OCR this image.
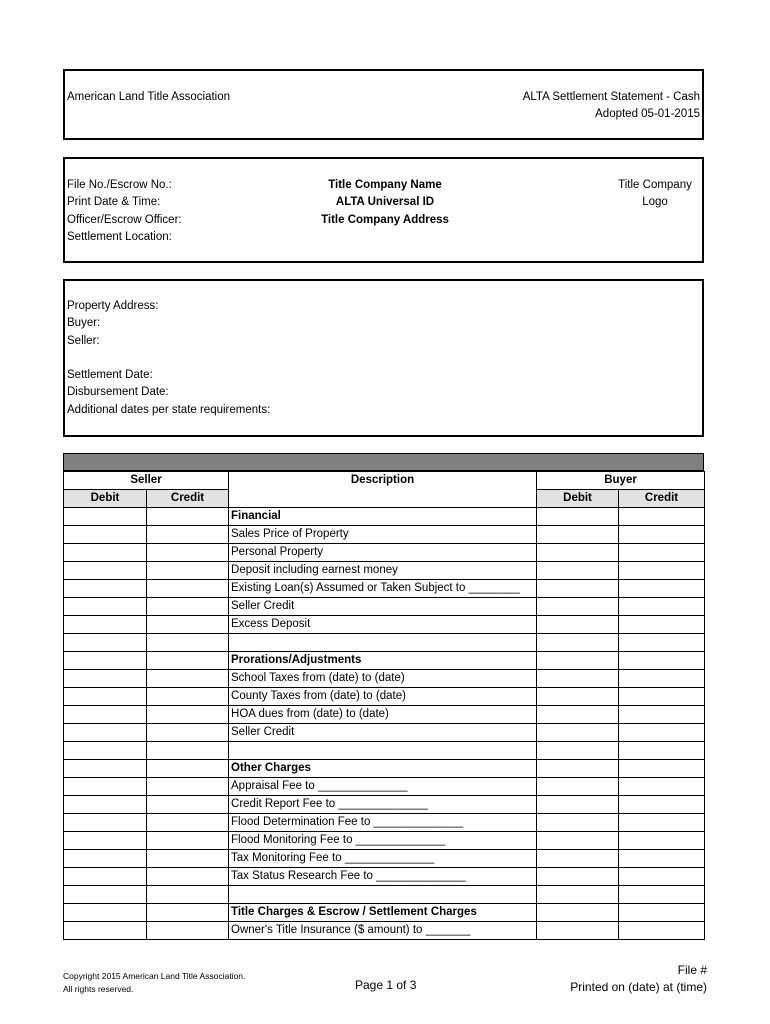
American Land Title Association	ALTA Settlement Statement - Cash
Adopted 05-01-2015
File No./Escrow No.:
Print Date & Time:
Officer/Escrow Officer:
Settlement Location:
Title Company Name
ALTA Universal ID
Title Company Address
Title Company
Logo
Property Address:
Buyer:
Seller:
Settlement Date:
Disbursement Date:
Additional dates per state requirements:
Seller		Description	Buyer	
Debit	Credit		Debit	Credit
		Financial		
		Sales Price of Property		
		Personal Property		
		Deposit including earnest money		
		Existing Loan(s) Assumed or Taken Subject to ________		
		Seller Credit		
		Excess Deposit		

		Prorations/Adjustments		
		School Taxes from (date) to (date)		
		County Taxes from (date) to (date)		
		HOA dues from (date) to (date)		
		Seller Credit		

		Other Charges		
		Appraisal Fee to ______________		
		Credit Report Fee to ______________		
		Flood Determination Fee to ______________		
		Flood Monitoring Fee to ______________		
		Tax Monitoring Fee to ______________		
		Tax Status Research Fee to ______________		

		Title Charges & Escrow / Settlement Charges		
		Owner's Title Insurance ($ amount) to _______		
Copyright 2015 American Land Title Association.
All rights reserved.	Page 1 of 3
File #
Printed on (date) at (time)
